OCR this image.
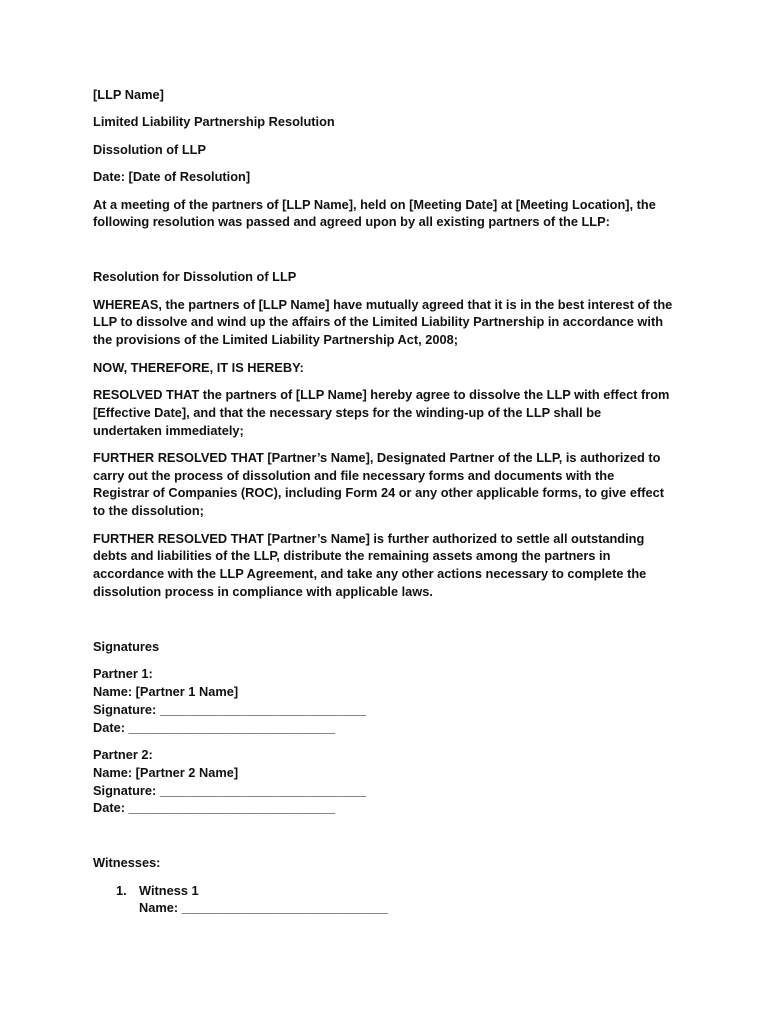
[LLP Name]

Limited Liability Partnership Resolution

Dissolution of LLP

Date: [Date of Resolution]

At a meeting of the partners of [LLP Name], held on [Meeting Date] at [Meeting Location], the following resolution was passed and agreed upon by all existing partners of the LLP:

Resolution for Dissolution of LLP

WHEREAS, the partners of [LLP Name] have mutually agreed that it is in the best interest of the LLP to dissolve and wind up the affairs of the Limited Liability Partnership in accordance with the provisions of the Limited Liability Partnership Act, 2008;

NOW, THEREFORE, IT IS HEREBY:

RESOLVED THAT the partners of [LLP Name] hereby agree to dissolve the LLP with effect from [Effective Date], and that the necessary steps for the winding-up of the LLP shall be undertaken immediately;

FURTHER RESOLVED THAT [Partner’s Name], Designated Partner of the LLP, is authorized to carry out the process of dissolution and file necessary forms and documents with the Registrar of Companies (ROC), including Form 24 or any other applicable forms, to give effect to the dissolution;

FURTHER RESOLVED THAT [Partner’s Name] is further authorized to settle all outstanding debts and liabilities of the LLP, distribute the remaining assets among the partners in accordance with the LLP Agreement, and take any other actions necessary to complete the dissolution process in compliance with applicable laws.

Signatures

Partner 1:
Name: [Partner 1 Name]
Signature: _____________________________
Date: _____________________________

Partner 2:
Name: [Partner 2 Name]
Signature: _____________________________
Date: _____________________________

Witnesses:

1. Witness 1
Name: _____________________________
